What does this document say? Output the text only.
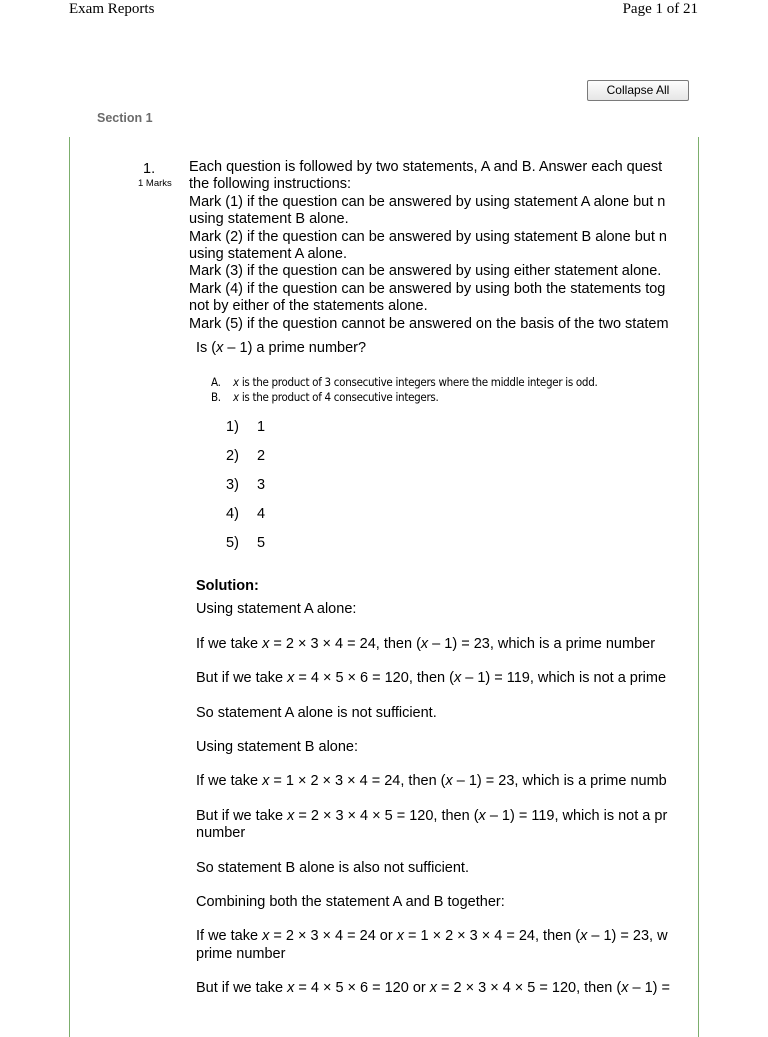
Exam Reports	Page 1 of 21
Collapse All
Section 1
1.
1 Marks
Each question is followed by two statements, A and B. Answer each quest
the following instructions:
Mark (1) if the question can be answered by using statement A alone but n
using statement B alone.
Mark (2) if the question can be answered by using statement B alone but n
using statement A alone.
Mark (3) if the question can be answered by using either statement alone.
Mark (4) if the question can be answered by using both the statements tog
not by either of the statements alone.
Mark (5) if the question cannot be answered on the basis of the two statem
Is (x – 1) a prime number?
A. x is the product of 3 consecutive integers where the middle integer is odd.
B. x is the product of 4 consecutive integers.
1)	1
2)	2
3)	3
4)	4
5)	5
Solution:

Using statement A alone:

If we take x = 2 × 3 × 4 = 24, then (x – 1) = 23, which is a prime number

But if we take x = 4 × 5 × 6 = 120, then (x – 1) = 119, which is not a prime

So statement A alone is not sufficient.

Using statement B alone:

If we take x = 1 × 2 × 3 × 4 = 24, then (x – 1) = 23, which is a prime numb

But if we take x = 2 × 3 × 4 × 5 = 120, then (x – 1) = 119, which is not a pr
number

So statement B alone is also not sufficient.

Combining both the statement A and B together:

If we take x = 2 × 3 × 4 = 24 or x = 1 × 2 × 3 × 4 = 24, then (x – 1) = 23, w
prime number

But if we take x = 4 × 5 × 6 = 120 or x = 2 × 3 × 4 × 5 = 120, then (x – 1) =
